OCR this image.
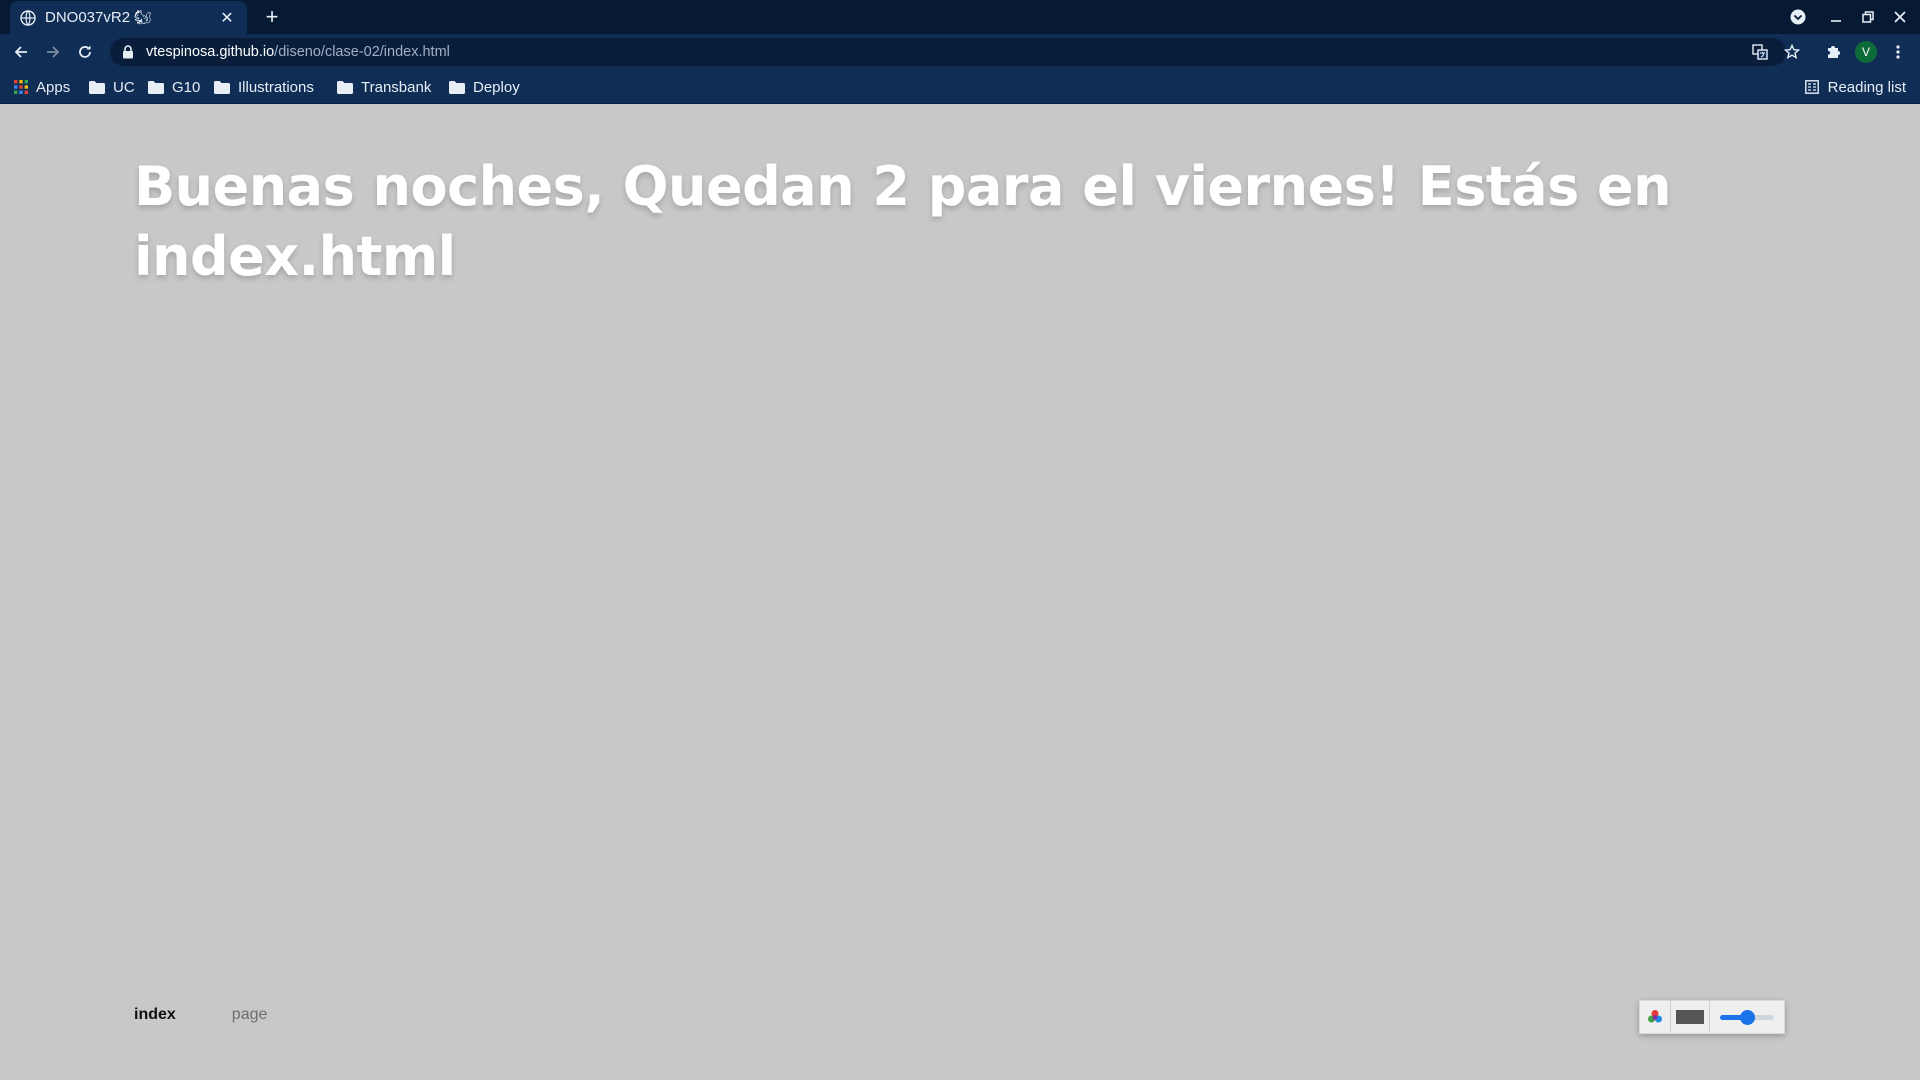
DNO037vR2 🐿	✕ +
vtespinosa.github.io /diseno/clase-02/index.html	V
Apps	UC G10	Illustrations	Transbank	Deploy	Reading list
Buenas noches, Quedan 2 para el viernes! Estás en index.html
index	page
